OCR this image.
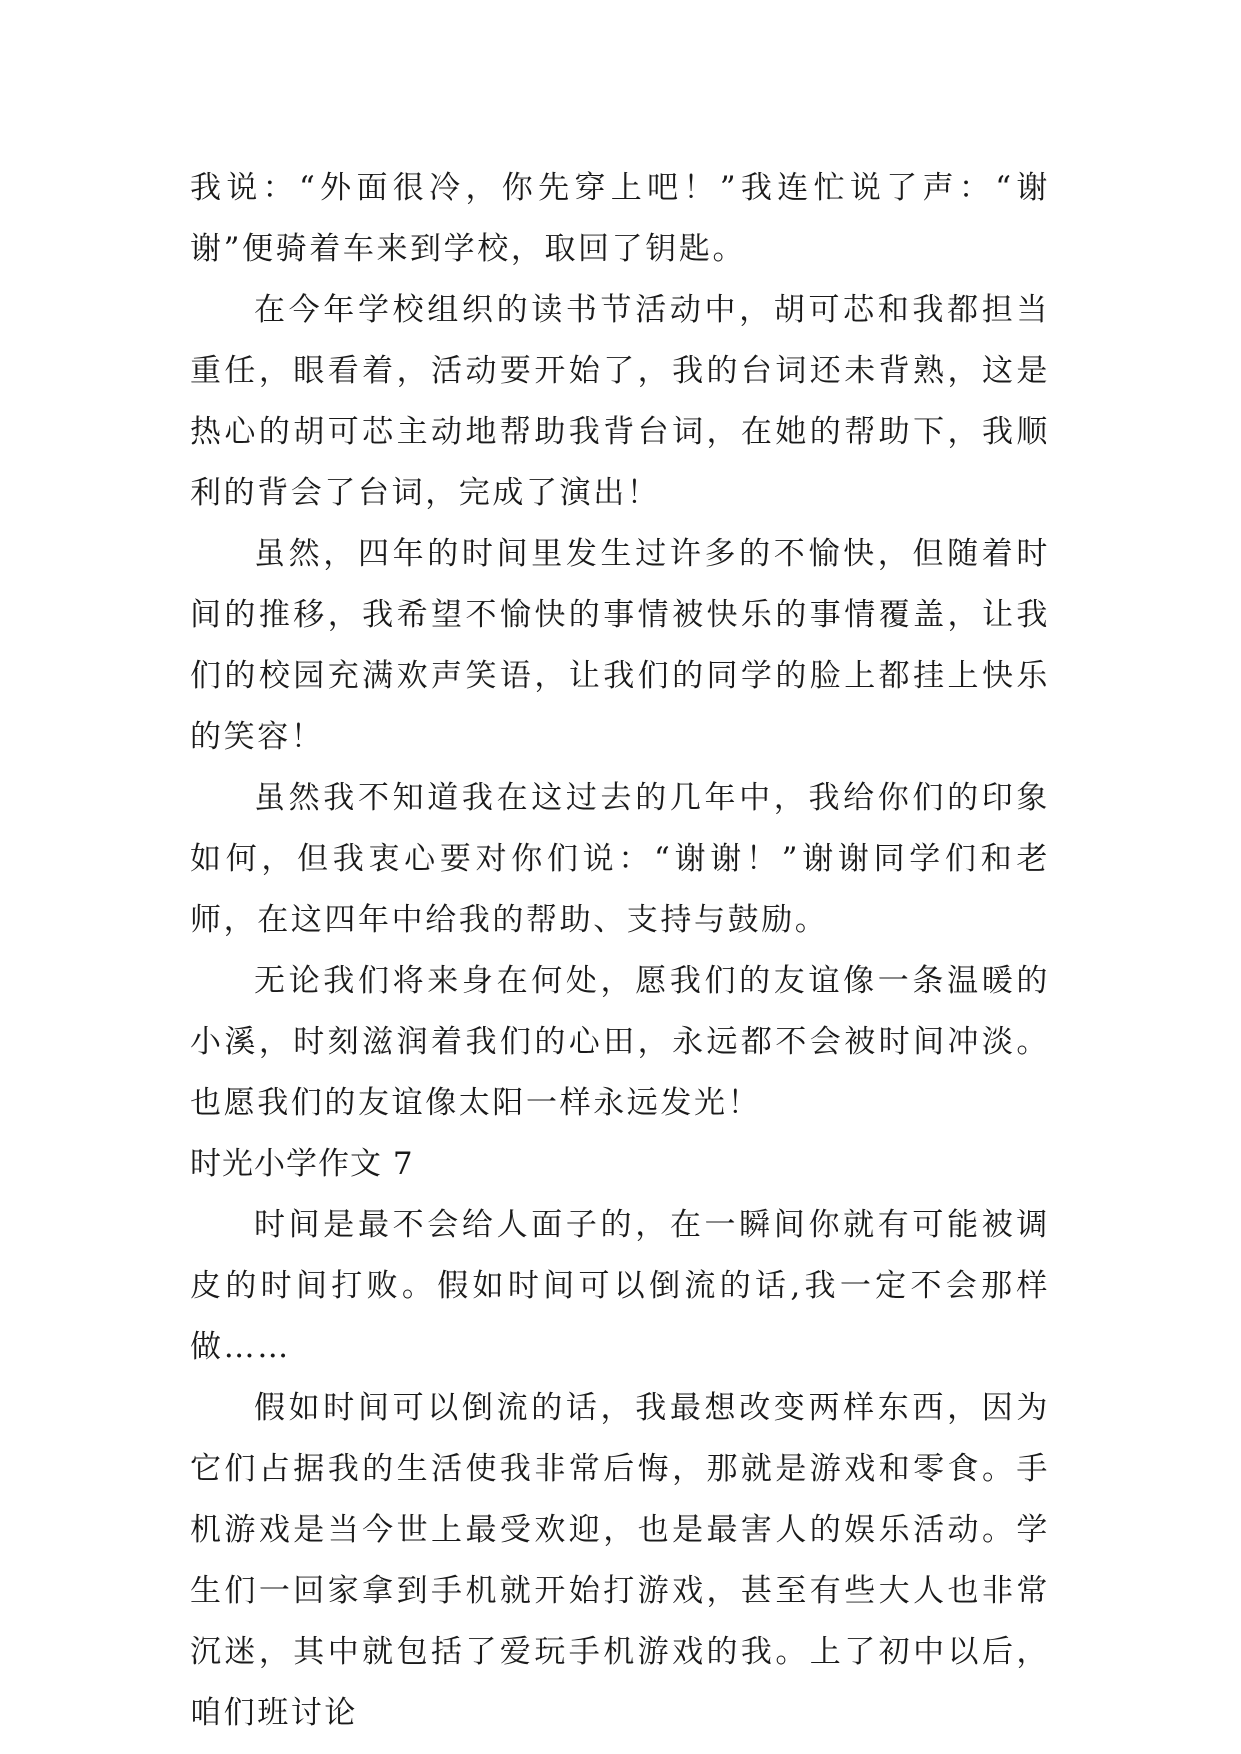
我说：“外面很冷，你先穿上吧！”我连忙说了声：“谢谢”便骑着车来到学校，取回了钥匙。

在今年学校组织的读书节活动中，胡可芯和我都担当重任，眼看着，活动要开始了，我的台词还未背熟，这是热心的胡可芯主动地帮助我背台词，在她的帮助下，我顺利的背会了台词，完成了演出！

虽然，四年的时间里发生过许多的不愉快，但随着时间的推移，我希望不愉快的事情被快乐的事情覆盖，让我们的校园充满欢声笑语，让我们的同学的脸上都挂上快乐的笑容！

虽然我不知道我在这过去的几年中，我给你们的印象如何，但我衷心要对你们说：“谢谢！”谢谢同学们和老师，在这四年中给我的帮助、支持与鼓励。

无论我们将来身在何处，愿我们的友谊像一条温暖的小溪，时刻滋润着我们的心田，永远都不会被时间冲淡。也愿我们的友谊像太阳一样永远发光！

时光小学作文 7

时间是最不会给人面子的，在一瞬间你就有可能被调皮的时间打败。假如时间可以倒流的话,我一定不会那样做……

假如时间可以倒流的话，我最想改变两样东西，因为它们占据我的生活使我非常后悔，那就是游戏和零食。手机游戏是当今世上最受欢迎，也是最害人的娱乐活动。学生们一回家拿到手机就开始打游戏，甚至有些大人也非常沉迷，其中就包括了爱玩手机游戏的我。上了初中以后，咱们班讨论
